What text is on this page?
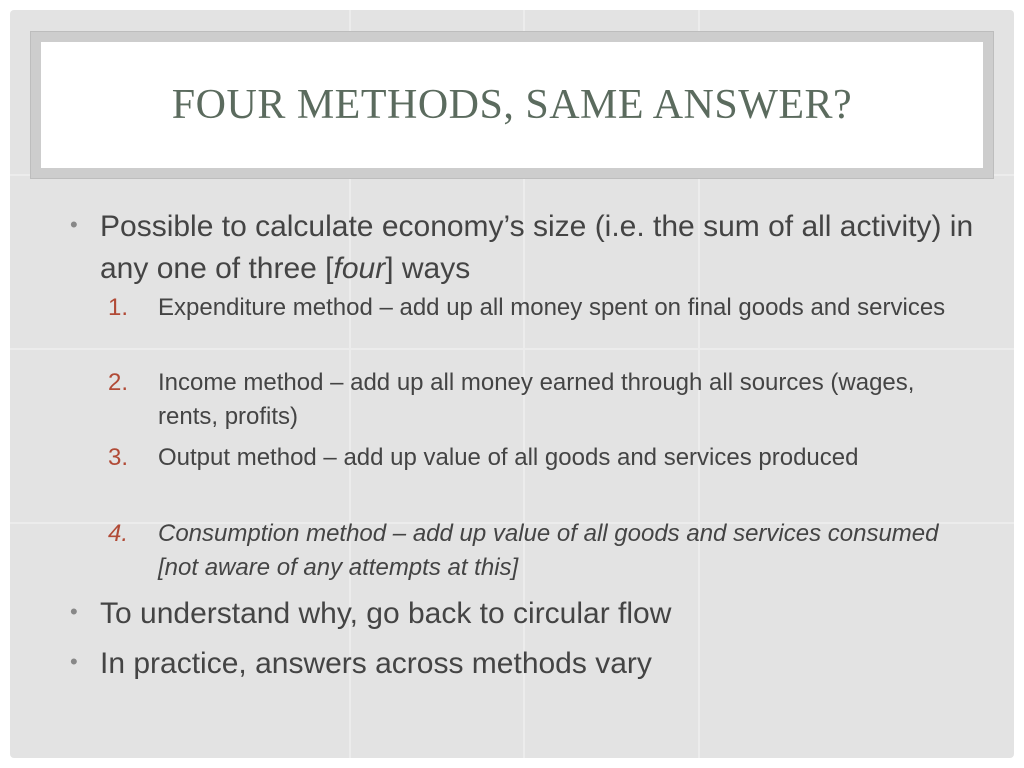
FOUR METHODS, SAME ANSWER?
• Possible to calculate economy’s size (i.e. the sum of all activity) in any one of three [four] ways
1. Expenditure method – add up all money spent on final goods and services
2. Income method – add up all money earned through all sources (wages, rents, profits)
3. Output method – add up value of all goods and services produced
4. Consumption method – add up value of all goods and services consumed [not aware of any attempts at this]
• To understand why, go back to circular flow
• In practice, answers across methods vary
